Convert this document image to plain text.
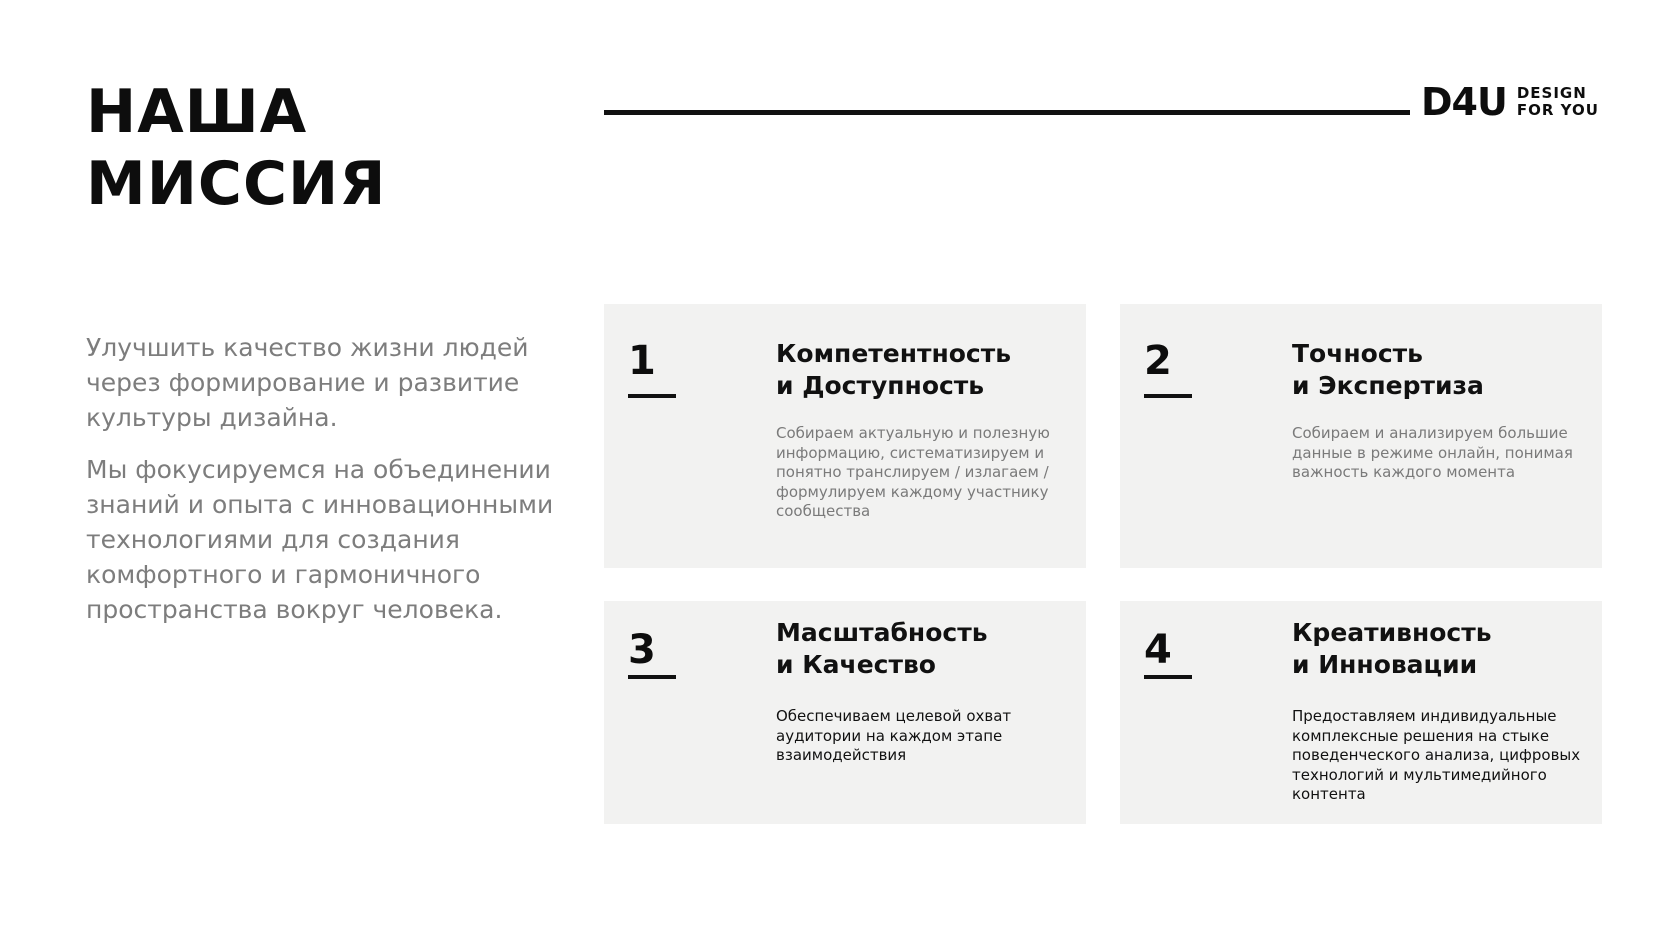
НАША
МИССИЯ
D4U DESIGN
FOR YOU

Улучшить качество жизни людей через формирование и развитие культуры дизайна.

Мы фокусируемся на объединении знаний и опыта с инновационными технологиями для создания комфортного и гармоничного пространства вокруг человека.

1	Компетентность
и Доступность

Собираем актуальную и полезную информацию, систематизируем и понятно транслируем / излагаем / формулируем каждому участнику сообщества

2	Точность
и Экспертиза

Собираем и анализируем большие данные в режиме онлайн, понимая важность каждого момента

3	Масштабность
и Качество

Обеспечиваем целевой охват аудитории на каждом этапе взаимодействия

4	Креативность
и Инновации

Предоставляем индивидуальные комплексные решения на стыке поведенческого анализа, цифровых технологий и мультимедийного контента
